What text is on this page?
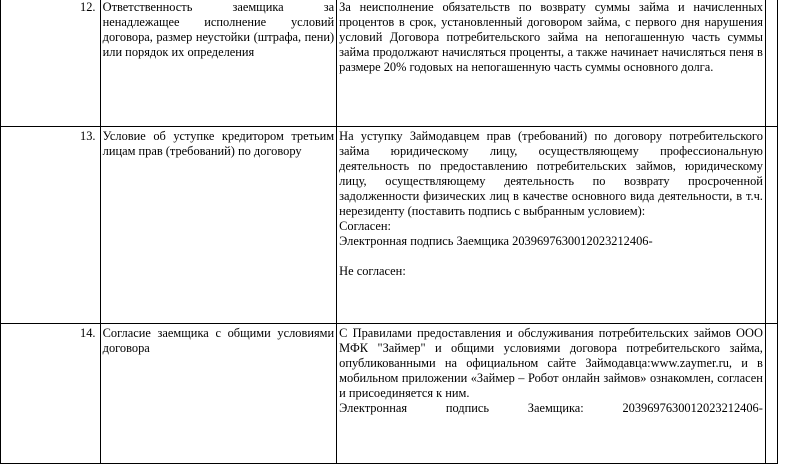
12.	Ответственность заемщика за ненадлежащее исполнение условий договора, размер неустойки (штрафа, пени) или порядок их определения	За неисполнение обязательств по возврату суммы займа и начисленных процентов в срок, установленный договором займа, с первого дня нарушения условий Договора потребительского займа на непогашенную часть суммы займа продолжают начисляться проценты, а также начинает начисляться пеня в размере 20% годовых на непогашенную часть суммы основного долга.	
13.	Условие об уступке кредитором третьим лицам прав (требований) по договору	На уступку Займодавцем прав (требований) по договору потребительского займа юридическому лицу, осуществляющему профессиональную деятельность по предоставлению потребительских займов, юридическому лицу, осуществляющему деятельность по возврату просроченной задолженности физических лиц в качестве основного вида деятельности, в т.ч. нерезиденту (поставить подпись с выбранным условием):
Согласен:
Электронная подпись Заемщика 20396976300120232124​06-
Не согласен:	

14.	Согласие заемщика с общими условиями договора	С Правилами предоставления и обслуживания потребительских займов ООО МФК "Займер" и общими условиями договора потребительского займа, опубликованными на официальном сайте Займодавца:www.zaymer.ru, и в мобильном приложении «Займер – Робот онлайн займов» ознакомлен, согласен и присоединяется к ним.
Электронная подпись Заемщика: 20396976300120232124​06-	
